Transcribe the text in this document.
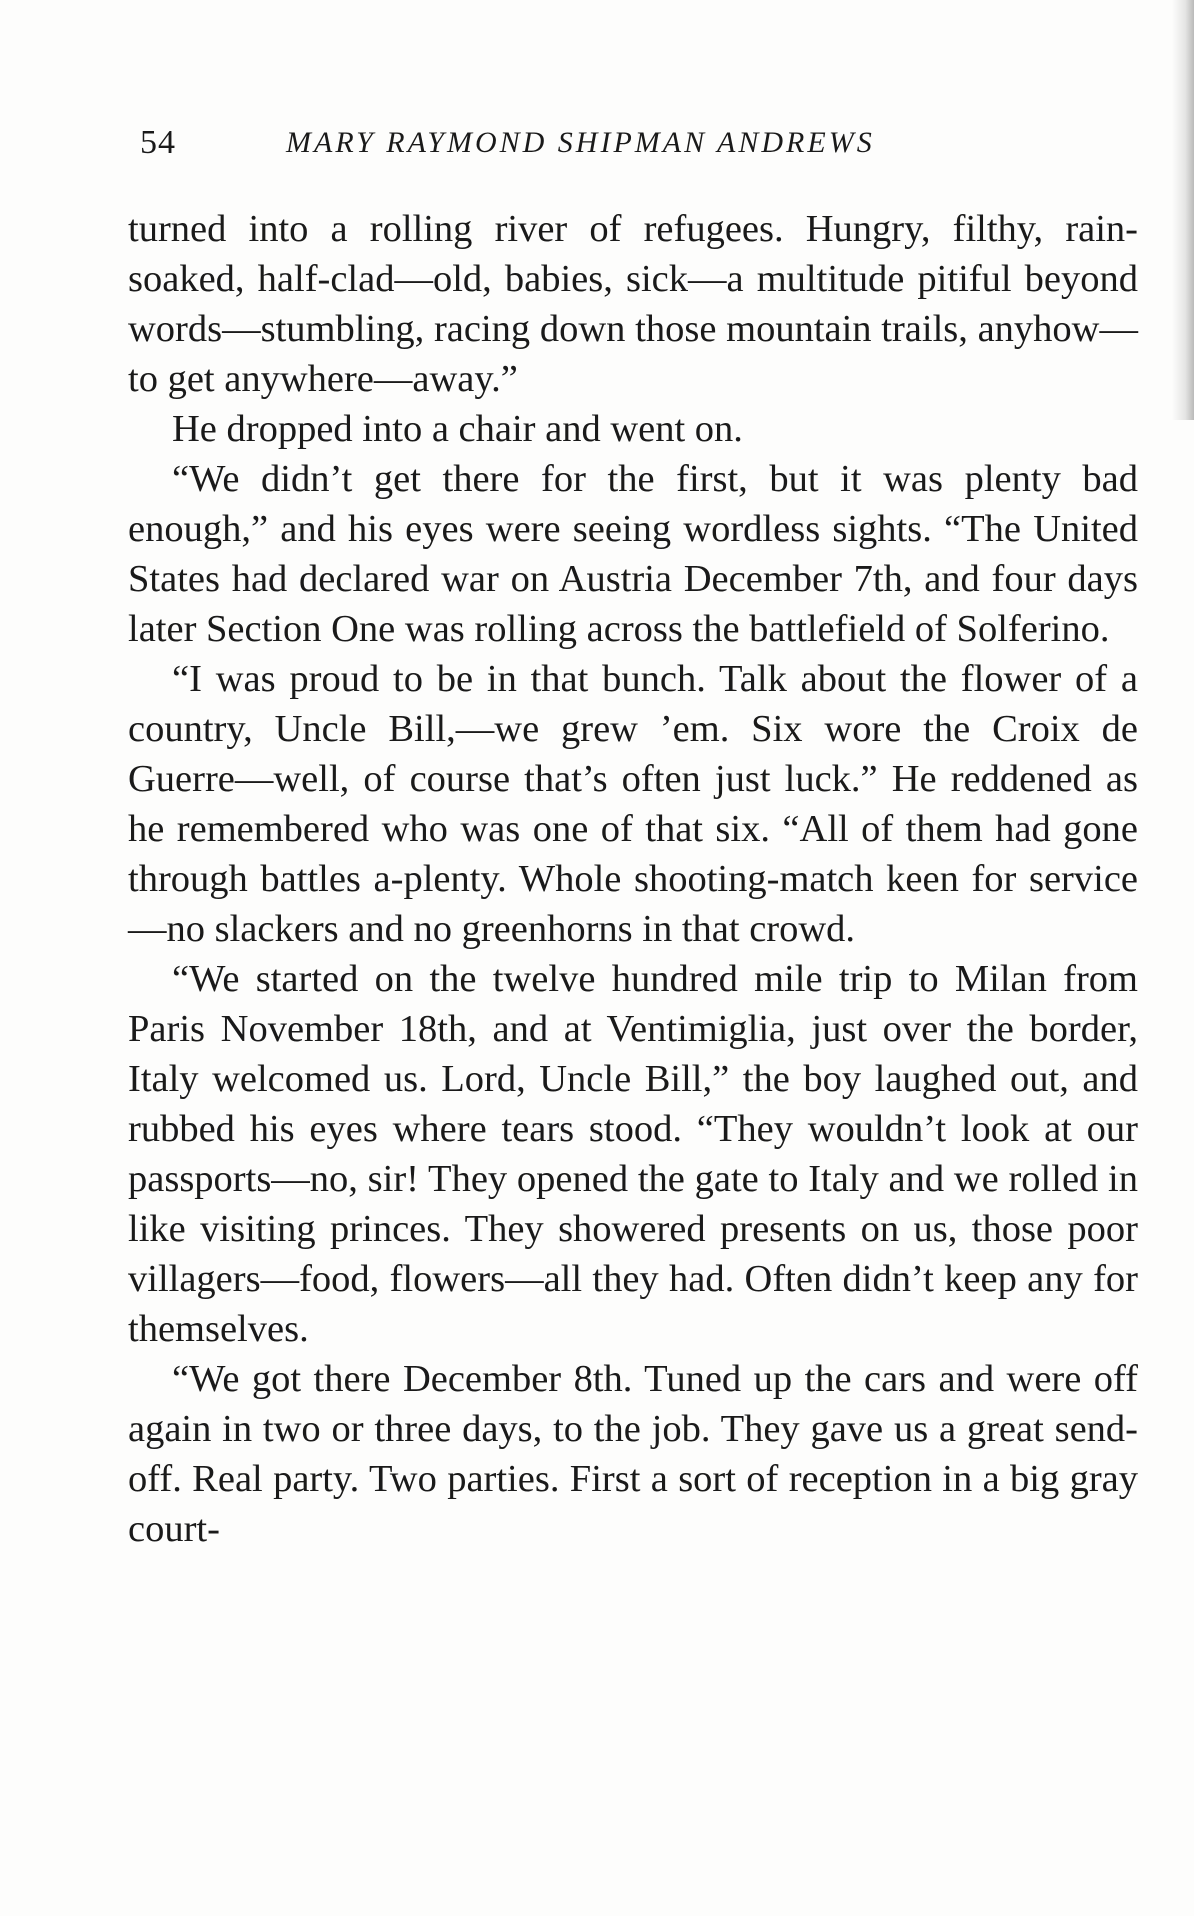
54	MARY RAYMOND SHIPMAN ANDREWS

turned into a rolling river of refugees. Hungry, filthy, rain-soaked, half-clad—old, babies, sick—a multitude pitiful beyond words—stumbling, racing down those mountain trails, anyhow—to get anywhere—away.”

He dropped into a chair and went on.

“We didn’t get there for the first, but it was plenty bad enough,” and his eyes were seeing wordless sights. “The United States had declared war on Austria December 7th, and four days later Section One was rolling across the battlefield of Solferino.

“I was proud to be in that bunch. Talk about the flower of a country, Uncle Bill,—we grew ’em. Six wore the Croix de Guerre—well, of course that’s often just luck.” He reddened as he remembered who was one of that six. “All of them had gone through battles a-plenty. Whole shooting-match keen for service—no slackers and no greenhorns in that crowd.

“We started on the twelve hundred mile trip to Milan from Paris November 18th, and at Ventimiglia, just over the border, Italy welcomed us. Lord, Uncle Bill,” the boy laughed out, and rubbed his eyes where tears stood. “They wouldn’t look at our passports—no, sir! They opened the gate to Italy and we rolled in like visiting princes. They showered presents on us, those poor villagers—food, flowers—all they had. Often didn’t keep any for themselves.

“We got there December 8th. Tuned up the cars and were off again in two or three days, to the job. They gave us a great send-off. Real party. Two parties. First a sort of reception in a big gray court-
